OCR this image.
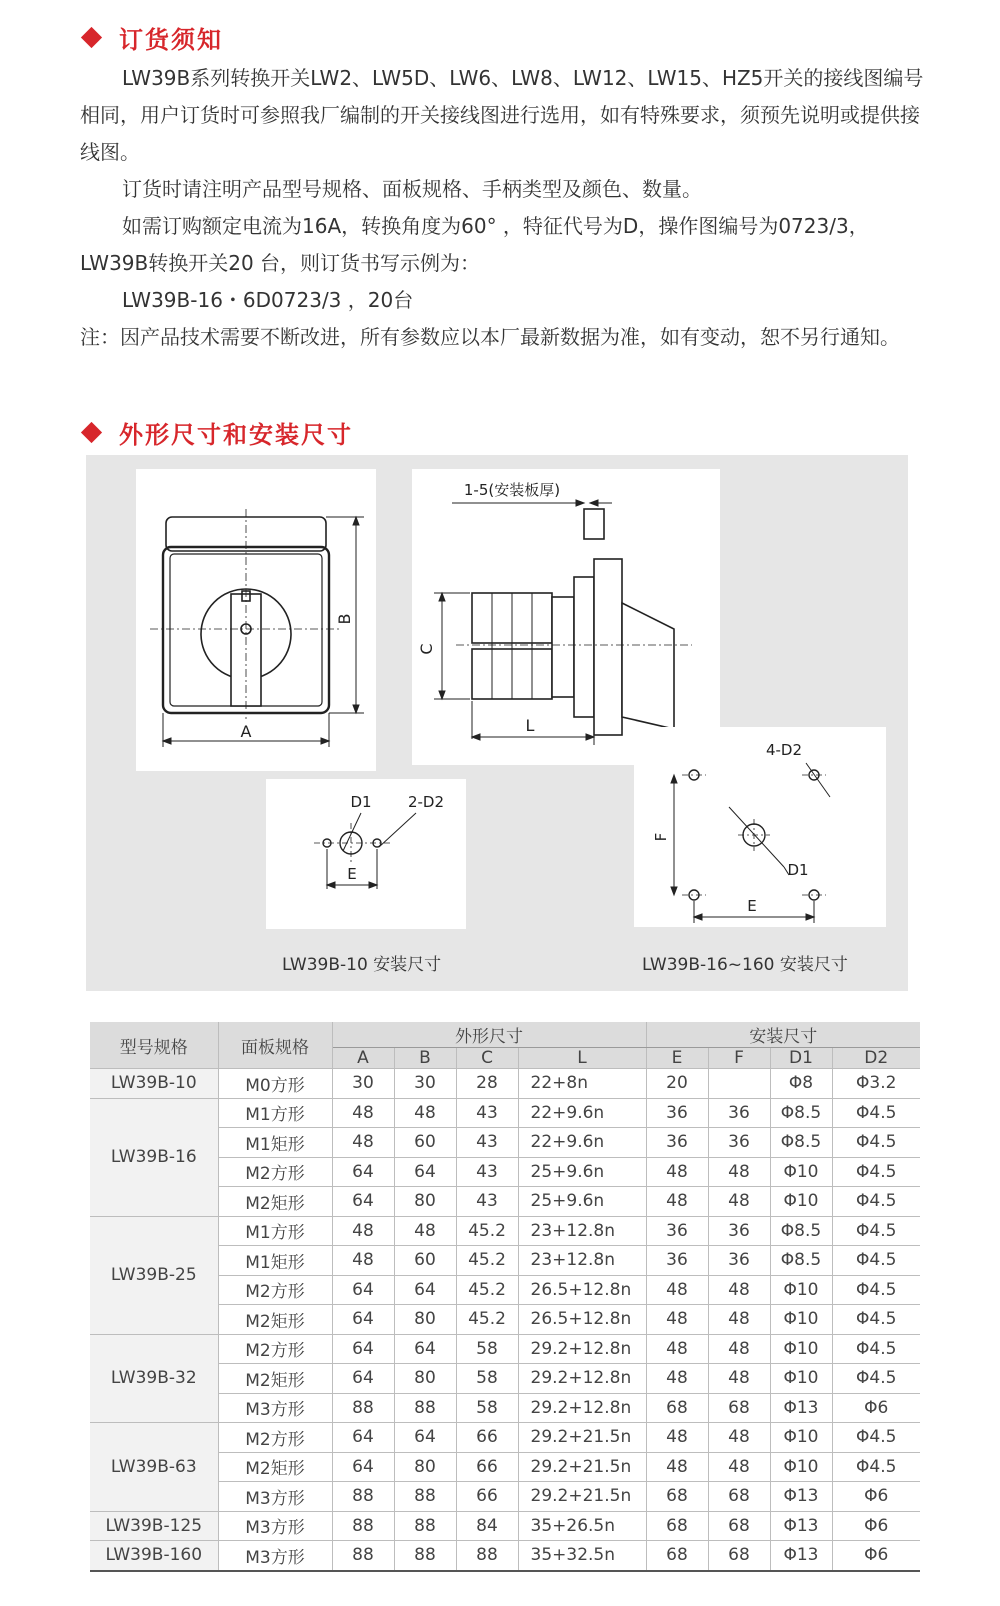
订货须知

LW39B系列转换开关LW2、LW5D、LW6、LW8、LW12、LW15、HZ5开关的接线图编号相同，用户订货时可参照我厂编制的开关接线图进行选用，如有特殊要求，须预先说明或提供接线图。

订货时请注明产品型号规格、面板规格、手柄类型及颜色、数量。

如需订购额定电流为16A，转换角度为60° ，特征代号为D，操作图编号为0723/3，LW39B转换开关20 台，则订货书写示例为：

LW39B-16・6D0723/3 ，20台

注：因产品技术需要不断改进，所有参数应以本厂最新数据为准，如有变动，恕不另行通知。

外形尺寸和安装尺寸
A
B
1-5(安装板厚)
C
L
D1 2-D2
E
4-D2
F
D1
E
LW39B-10 安装尺寸	LW39B-16~160 安装尺寸
型号规格	面板规格	外形尺寸				安装尺寸			
		A	B	C	L	E	F	D1	D2
LW39B-10	M0方形	30	30	28	22+8n	20		Φ8	Φ3.2
LW39B-16	M1方形	48	48	43	22+9.6n	36	36	Φ8.5	Φ4.5
	M1矩形	48	60	43	22+9.6n	36	36	Φ8.5	Φ4.5
	M2方形	64	64	43	25+9.6n	48	48	Φ10	Φ4.5
	M2矩形	64	80	43	25+9.6n	48	48	Φ10	Φ4.5
LW39B-25	M1方形	48	48	45.2	23+12.8n	36	36	Φ8.5	Φ4.5
	M1矩形	48	60	45.2	23+12.8n	36	36	Φ8.5	Φ4.5
	M2方形	64	64	45.2	26.5+12.8n	48	48	Φ10	Φ4.5
	M2矩形	64	80	45.2	26.5+12.8n	48	48	Φ10	Φ4.5
LW39B-32	M2方形	64	64	58	29.2+12.8n	48	48	Φ10	Φ4.5
	M2矩形	64	80	58	29.2+12.8n	48	48	Φ10	Φ4.5
	M3方形	88	88	58	29.2+12.8n	68	68	Φ13	Φ6
LW39B-63	M2方形	64	64	66	29.2+21.5n	48	48	Φ10	Φ4.5
	M2矩形	64	80	66	29.2+21.5n	48	48	Φ10	Φ4.5
	M3方形	88	88	66	29.2+21.5n	68	68	Φ13	Φ6
LW39B-125	M3方形	88	88	84	35+26.5n	68	68	Φ13	Φ6
LW39B-160	M3方形	88	88	88	35+32.5n	68	68	Φ13	Φ6
